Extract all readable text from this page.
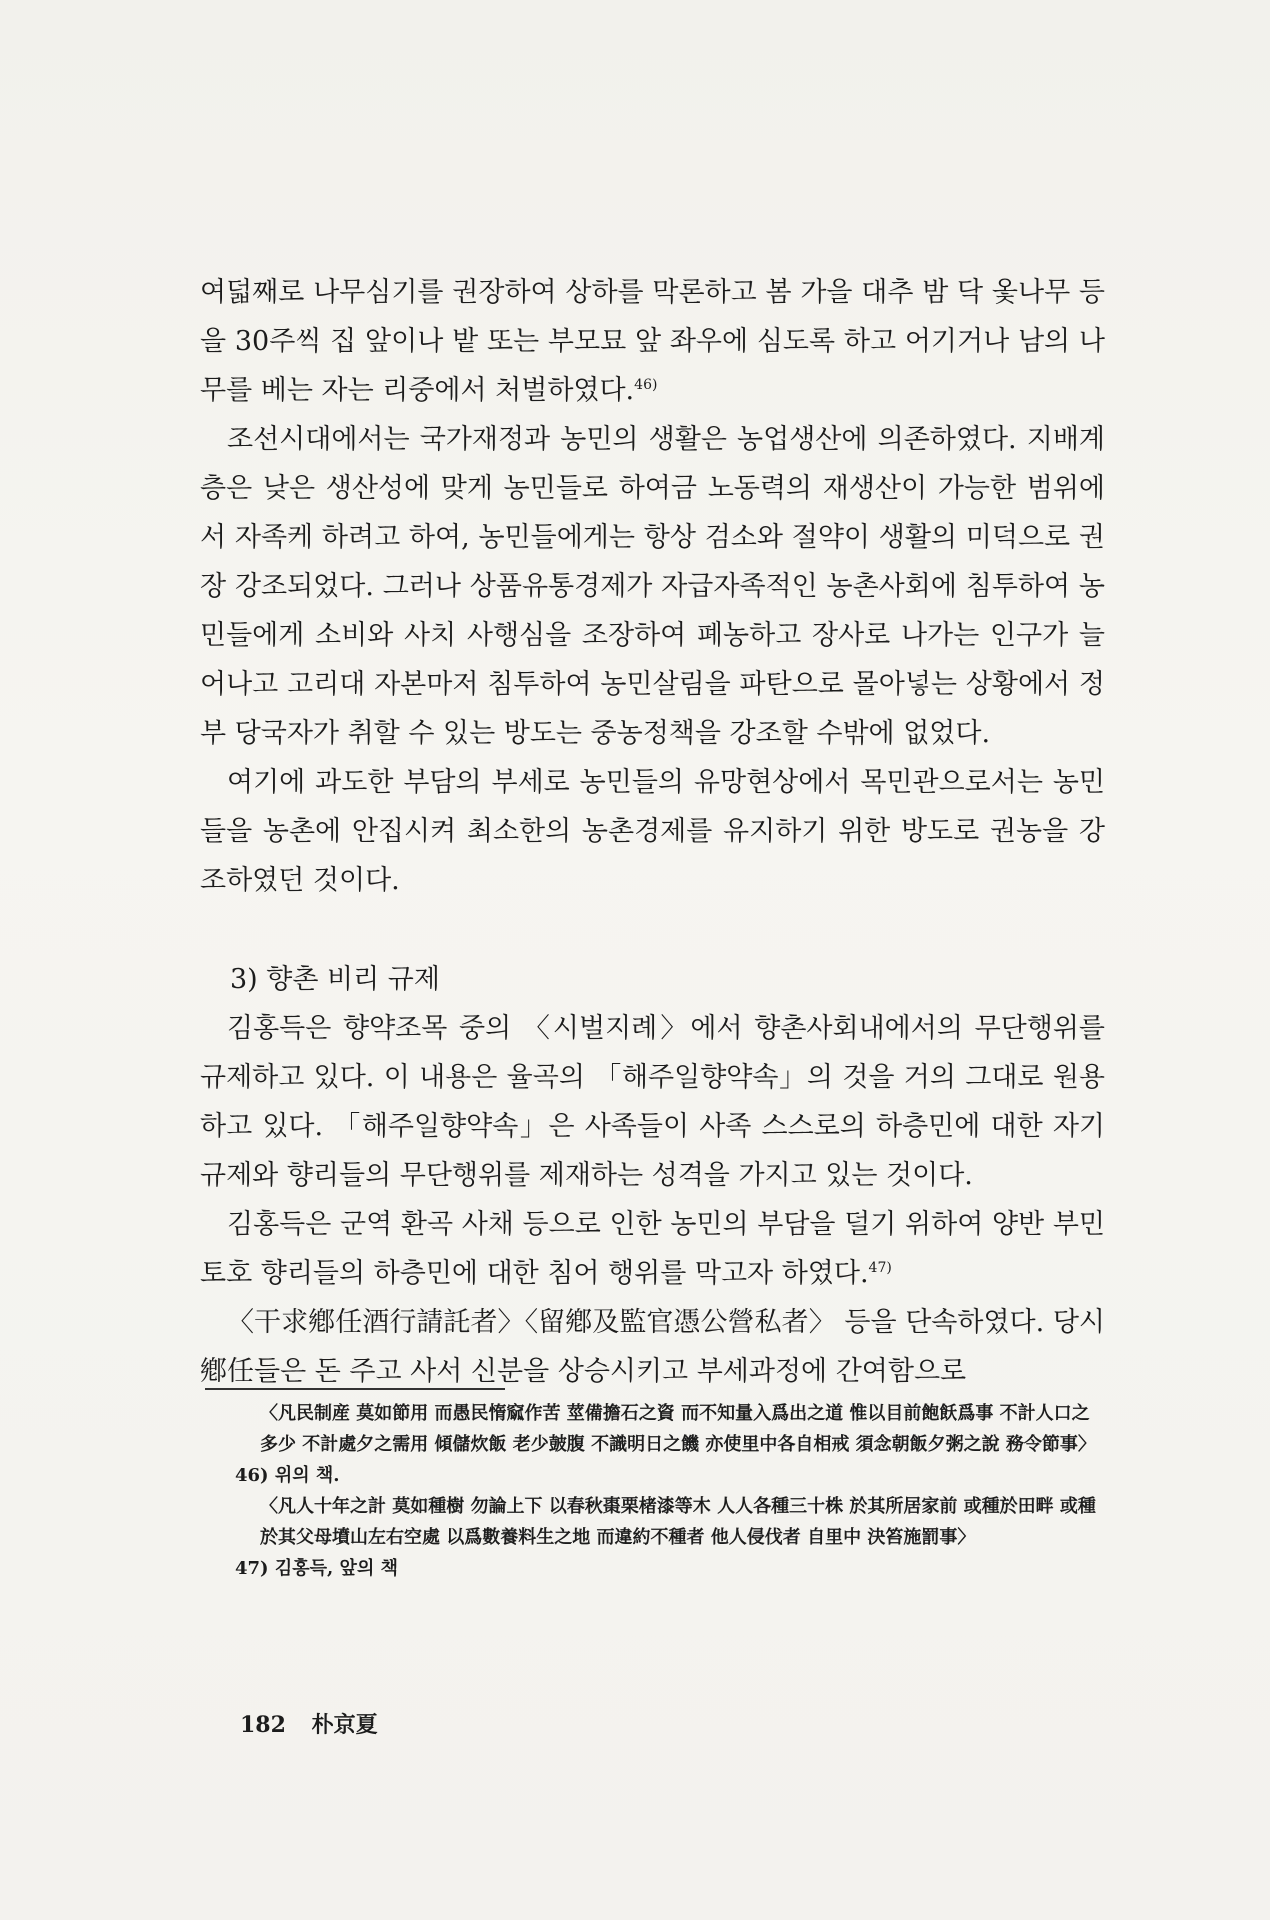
여덟째로 나무심기를 권장하여 상하를 막론하고 봄 가을 대추 밤 닥 옻나무 등을 30주씩 집 앞이나 밭 또는 부모묘 앞 좌우에 심도록 하고 어기거나 남의 나무를 베는 자는 리중에서 처벌하였다.$^{46)}$

조선시대에서는 국가재정과 농민의 생활은 농업생산에 의존하였다. 지배계층은 낮은 생산성에 맞게 농민들로 하여금 노동력의 재생산이 가능한 범위에서 자족케 하려고 하여, 농민들에게는 항상 검소와 절약이 생활의 미덕으로 권장 강조되었다. 그러나 상품유통경제가 자급자족적인 농촌사회에 침투하여 농민들에게 소비와 사치 사행심을 조장하여 폐농하고 장사로 나가는 인구가 늘어나고 고리대 자본마저 침투하여 농민살림을 파탄으로 몰아넣는 상황에서 정부 당국자가 취할 수 있는 방도는 중농정책을 강조할 수밖에 없었다.

여기에 과도한 부담의 부세로 농민들의 유망현상에서 목민관으로서는 농민들을 농촌에 안집시켜 최소한의 농촌경제를 유지하기 위한 방도로 권농을 강조하였던 것이다.

3) 향촌 비리 규제

김홍득은 향약조목 중의 〈시벌지례〉에서 향촌사회내에서의 무단행위를 규제하고 있다. 이 내용은 율곡의 「해주일향약속」의 것을 거의 그대로 원용하고 있다. 「해주일향약속」은 사족들이 사족 스스로의 하층민에 대한 자기규제와 향리들의 무단행위를 제재하는 성격을 가지고 있는 것이다.

김홍득은 군역 환곡 사채 등으로 인한 농민의 부담을 덜기 위하여 양반 부민 토호 향리들의 하층민에 대한 침어 행위를 막고자 하였다.$^{47)}$

〈干求鄕任酒行請託者〉〈留鄕及監官憑公營私者〉 등을 단속하였다. 당시 鄕任들은 돈 주고 사서 신분을 상승시키고 부세과정에 간여함으로

〈凡民制産 莫如節用 而愚民惰窳作苦 莖備擔石之資 而不知量入爲出之道 惟以目前飽飫爲事 不計人口之多少 不計處夕之需用 傾儲炊飯 老少皷腹 不識明日之饑 亦使里中各自相戒 須念朝飯夕粥之說 務令節事〉

46) 위의 책.

〈凡人十年之計 莫如種樹 勿論上下 以春秋棗栗楮漆等木 人人各種三十株 於其所居家前 或種於田畔 或種於其父母墳山左右空處 以爲數養料生之地 而違約不種者 他人侵伐者 自里中 決笞施罰事〉

47) 김홍득, 앞의 책

182 朴京夏
